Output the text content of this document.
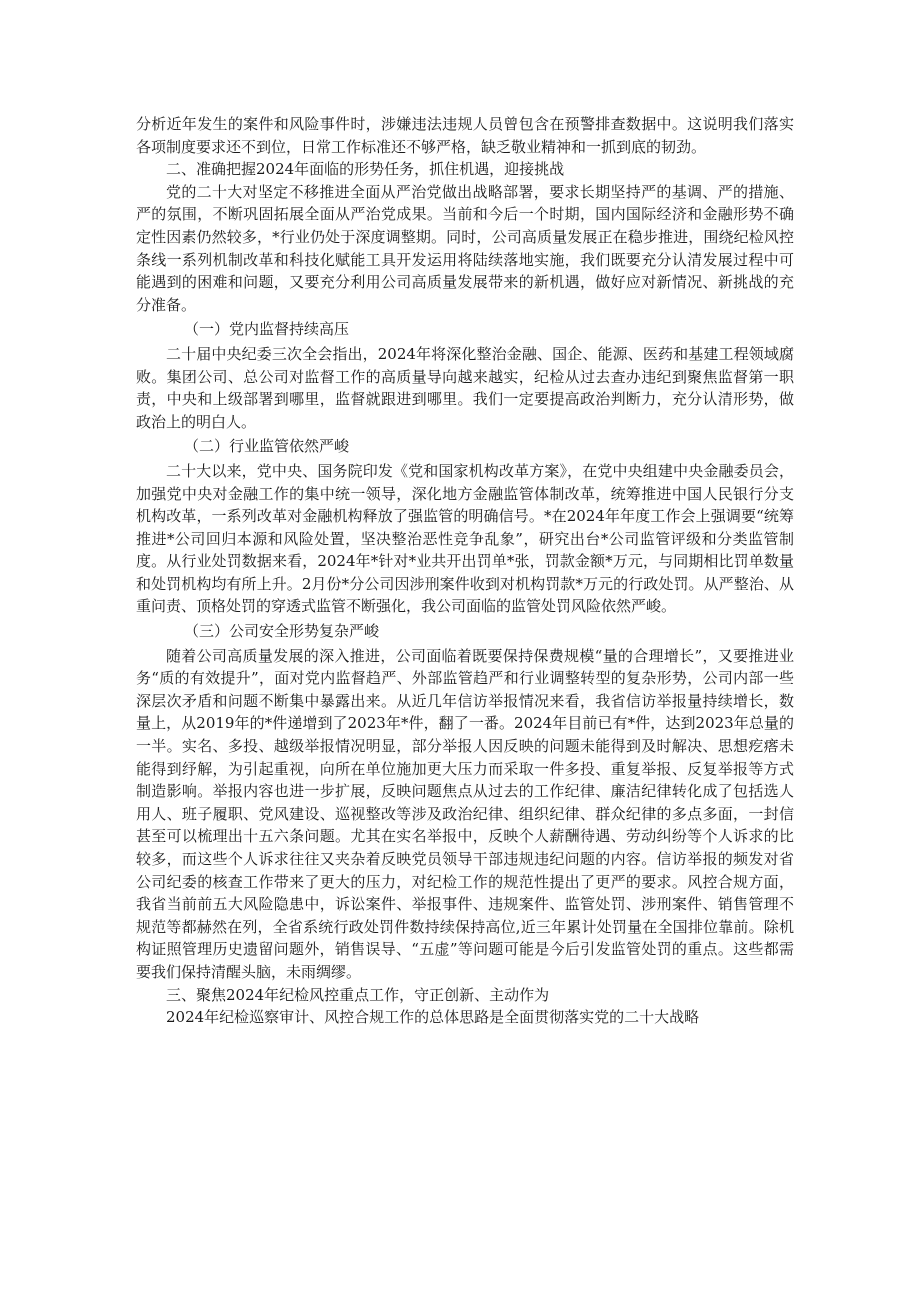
分析近年发生的案件和风险事件时，涉嫌违法违规人员曾包含在预警排查数据中。这说明我们落实各项制度要求还不到位，日常工作标准还不够严格，缺乏敬业精神和一抓到底的韧劲。

二、准确把握2024年面临的形势任务，抓住机遇，迎接挑战

党的二十大对坚定不移推进全面从严治党做出战略部署，要求长期坚持严的基调、严的措施、严的氛围，不断巩固拓展全面从严治党成果。当前和今后一个时期，国内国际经济和金融形势不确定性因素仍然较多，*行业仍处于深度调整期。同时，公司高质量发展正在稳步推进，围绕纪检风控条线一系列机制改革和科技化赋能工具开发运用将陆续落地实施，我们既要充分认清发展过程中可能遇到的困难和问题，又要充分利用公司高质量发展带来的新机遇，做好应对新情况、新挑战的充分准备。

（一）党内监督持续高压

二十届中央纪委三次全会指出，2024年将深化整治金融、国企、能源、医药和基建工程领域腐败。集团公司、总公司对监督工作的高质量导向越来越实，纪检从过去查办违纪到聚焦监督第一职责，中央和上级部署到哪里，监督就跟进到哪里。我们一定要提高政治判断力，充分认清形势，做政治上的明白人。

（二）行业监管依然严峻

二十大以来，党中央、国务院印发《党和国家机构改革方案》，在党中央组建中央金融委员会，加强党中央对金融工作的集中统一领导，深化地方金融监管体制改革，统筹推进中国人民银行分支机构改革，一系列改革对金融机构释放了强监管的明确信号。*在2024年年度工作会上强调要“统筹推进*公司回归本源和风险处置，坚决整治恶性竞争乱象”，研究出台*公司监管评级和分类监管制度。从行业处罚数据来看，2024年*针对*业共开出罚单*张，罚款金额*万元，与同期相比罚单数量和处罚机构均有所上升。2月份*分公司因涉刑案件收到对机构罚款*万元的行政处罚。从严整治、从重问责、顶格处罚的穿透式监管不断强化，我公司面临的监管处罚风险依然严峻。

（三）公司安全形势复杂严峻

随着公司高质量发展的深入推进，公司面临着既要保持保费规模“量的合理增长”，又要推进业务“质的有效提升”，面对党内监督趋严、外部监管趋严和行业调整转型的复杂形势，公司内部一些深层次矛盾和问题不断集中暴露出来。从近几年信访举报情况来看，我省信访举报量持续增长，数量上，从2019年的*件递增到了2023年*件，翻了一番。2024年目前已有*件，达到2023年总量的一半。实名、多投、越级举报情况明显，部分举报人因反映的问题未能得到及时解决、思想疙瘩未能得到纾解，为引起重视，向所在单位施加更大压力而采取一件多投、重复举报、反复举报等方式制造影响。举报内容也进一步扩展，反映问题焦点从过去的工作纪律、廉洁纪律转化成了包括选人用人、班子履职、党风建设、巡视整改等涉及政治纪律、组织纪律、群众纪律的多点多面，一封信甚至可以梳理出十五六条问题。尤其在实名举报中，反映个人薪酬待遇、劳动纠纷等个人诉求的比较多，而这些个人诉求往往又夹杂着反映党员领导干部违规违纪问题的内容。信访举报的频发对省公司纪委的核查工作带来了更大的压力，对纪检工作的规范性提出了更严的要求。风控合规方面，我省当前前五大风险隐患中，诉讼案件、举报事件、违规案件、监管处罚、涉刑案件、销售管理不规范等都赫然在列，全省系统行政处罚件数持续保持高位,近三年累计处罚量在全国排位靠前。除机构证照管理历史遗留问题外，销售误导、“五虚”等问题可能是今后引发监管处罚的重点。这些都需要我们保持清醒头脑，未雨绸缪。

三、聚焦2024年纪检风控重点工作，守正创新、主动作为

2024年纪检巡察审计、风控合规工作的总体思路是全面贯彻落实党的二十大战略
